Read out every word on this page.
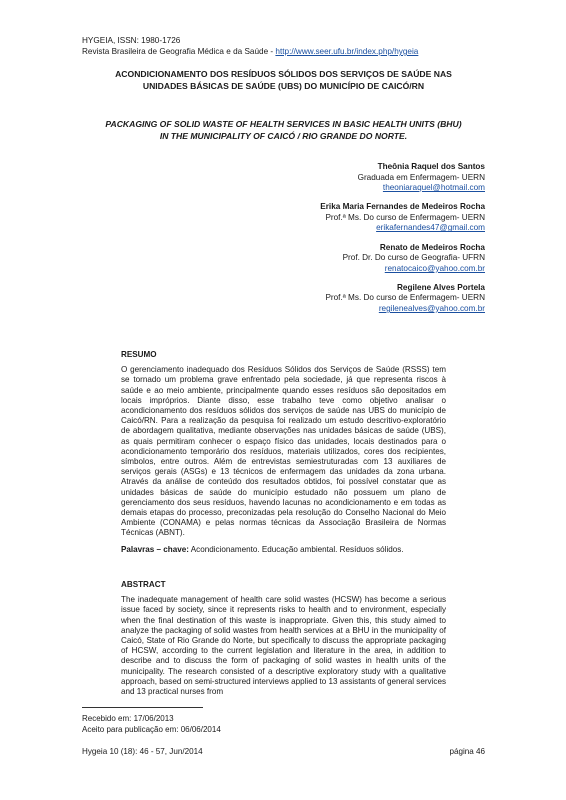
HYGEIA, ISSN: 1980-1726
Revista Brasileira de Geografia Médica e da Saúde - http://www.seer.ufu.br/index.php/hygeia
ACONDICIONAMENTO DOS RESÍDUOS SÓLIDOS DOS SERVIÇOS DE SAÚDE NAS
UNIDADES BÁSICAS DE SAÚDE (UBS) DO MUNICÍPIO DE CAICÓ/RN
PACKAGING OF SOLID WASTE OF HEALTH SERVICES IN BASIC HEALTH UNITS (BHU)
IN THE MUNICIPALITY OF CAICÓ / RIO GRANDE DO NORTE.
Theônia Raquel dos Santos
Graduada em Enfermagem- UERN
theoniaraquel@hotmail.com
Erika Maria Fernandes de Medeiros Rocha
Prof.ª Ms. Do curso de Enfermagem- UERN
erikafernandes47@gmail.com
Renato de Medeiros Rocha
Prof. Dr. Do curso de Geografia- UFRN
renatocaico@yahoo.com.br
Regilene Alves Portela
Prof.ª Ms. Do curso de Enfermagem- UERN
regilenealves@yahoo.com.br
RESUMO
O gerenciamento inadequado dos Resíduos Sólidos dos Serviços de Saúde (RSSS) tem se tornado um problema grave enfrentado pela sociedade, já que representa riscos à saúde e ao meio ambiente, principalmente quando esses resíduos são depositados em locais impróprios. Diante disso, esse trabalho teve como objetivo analisar o acondicionamento dos resíduos sólidos dos serviços de saúde nas UBS do município de Caicó/RN. Para a realização da pesquisa foi realizado um estudo descritivo-exploratório de abordagem qualitativa, mediante observações nas unidades básicas de saúde (UBS), as quais permitiram conhecer o espaço físico das unidades, locais destinados para o acondicionamento temporário dos resíduos, materiais utilizados, cores dos recipientes, símbolos, entre outros. Além de entrevistas semiestruturadas com 13 auxiliares de serviços gerais (ASGs) e 13 técnicos de enfermagem das unidades da zona urbana. Através da análise de conteúdo dos resultados obtidos, foi possível constatar que as unidades básicas de saúde do município estudado não possuem um plano de gerenciamento dos seus resíduos, havendo lacunas no acondicionamento e em todas as demais etapas do processo, preconizadas pela resolução do Conselho Nacional do Meio Ambiente (CONAMA) e pelas normas técnicas da Associação Brasileira de Normas Técnicas (ABNT).
Palavras – chave: Acondicionamento. Educação ambiental. Resíduos sólidos.
ABSTRACT
The inadequate management of health care solid wastes (HCSW) has become a serious issue faced by society, since it represents risks to health and to environment, especially when the final destination of this waste is inappropriate. Given this, this study aimed to analyze the packaging of solid wastes from health services at a BHU in the municipality of Caicó, State of Rio Grande do Norte, but specifically to discuss the appropriate packaging of HCSW, according to the current legislation and literature in the area, in addition to describe and to discuss the form of packaging of solid wastes in health units of the municipality. The research consisted of a descriptive exploratory study with a qualitative approach, based on semi-structured interviews applied to 13 assistants of general services and 13 practical nurses from
Recebido em: 17/06/2013
Aceito para publicação em: 06/06/2014
Hygeia 10 (18): 46 - 57, Jun/2014	página 46
